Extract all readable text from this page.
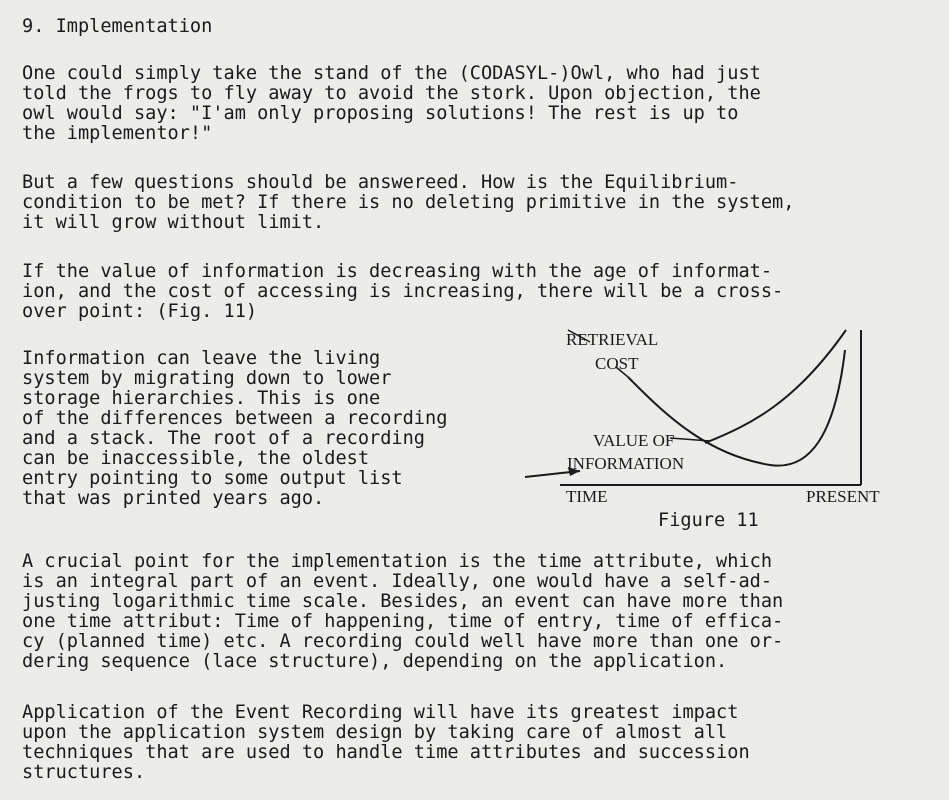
9. Implementation
One could simply take the stand of the (CODASYL-)Owl, who had just
told the frogs to fly away to avoid the stork. Upon objection, the
owl would say: "I'am only proposing solutions! The rest is up to
the implementor!"
But a few questions should be answereed. How is the Equilibrium-
condition to be met? If there is no deleting primitive in the system,
it will grow without limit.
If the value of information is decreasing with the age of informat-
ion, and the cost of accessing is increasing, there will be a cross-
over point: (Fig. 11)
Information can leave the living
system by migrating down to lower
storage hierarchies. This is one
of the differences between a recording
and a stack. The root of a recording
can be inaccessible, the oldest
entry pointing to some output list
that was printed years ago.
RETRIEVAL
COST
VALUE OF
INFORMATION
TIME	PRESENT
Figure 11
A crucial point for the implementation is the time attribute, which
is an integral part of an event. Ideally, one would have a self-ad-
justing logarithmic time scale. Besides, an event can have more than
one time attribut: Time of happening, time of entry, time of effica-
cy (planned time) etc. A recording could well have more than one or-
dering sequence (lace structure), depending on the application.
Application of the Event Recording will have its greatest impact
upon the application system design by taking care of almost all
techniques that are used to handle time attributes and succession
structures.
